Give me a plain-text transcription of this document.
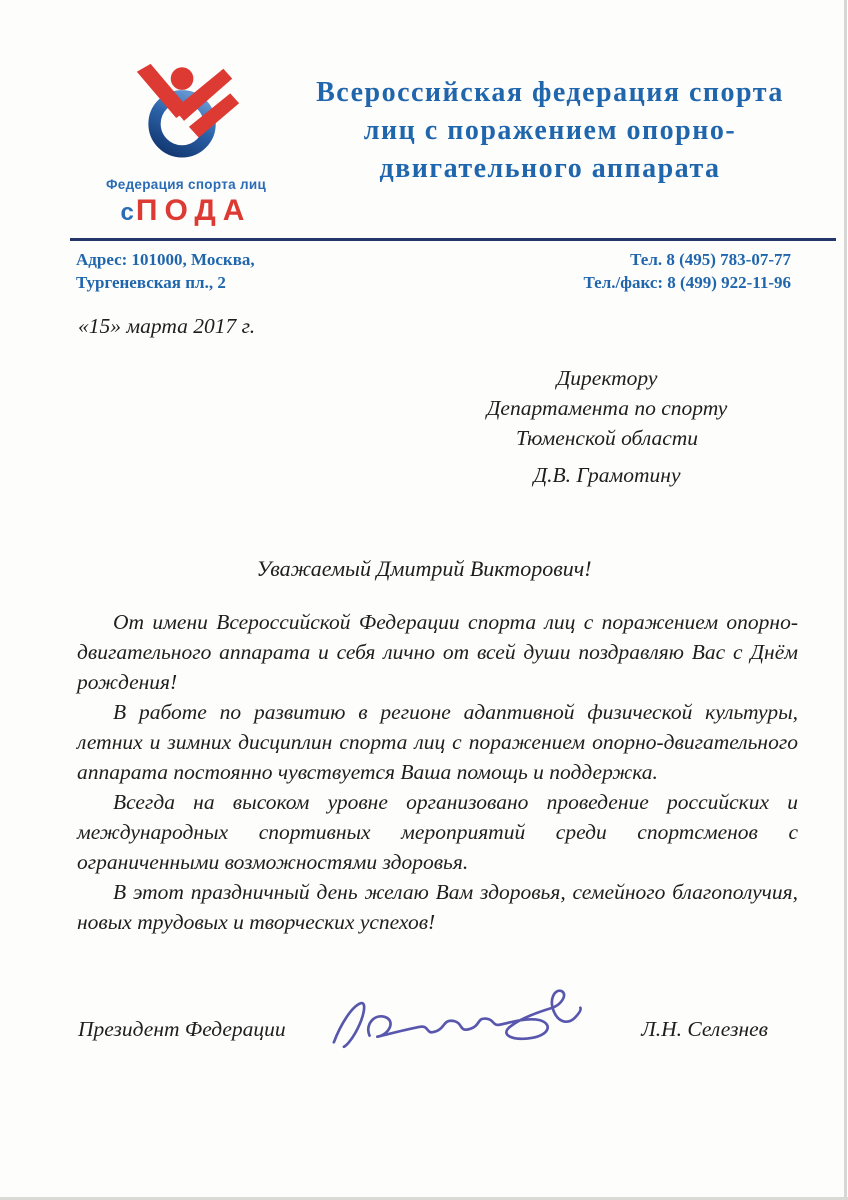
Федерация спорта лиц
сПОДА
Всероссийская федерация спорта
лиц с поражением опорно-
двигательного аппарата
Адрес: 101000, Москва,
Тургеневская пл., 2
Тел. 8 (495) 783-07-77
Тел./факс: 8 (499) 922-11-96
«15» марта 2017 г.
Директору
Департамента по спорту
Тюменской области
Д.В. Грамотину
Уважаемый Дмитрий Викторович!

От имени Всероссийской Федерации спорта лиц с поражением опорно-двигательного аппарата и себя лично от всей души поздравляю Вас с Днём рождения!

В работе по развитию в регионе адаптивной физической культуры, летних и зимних дисциплин спорта лиц с поражением опорно-двигательного аппарата постоянно чувствуется Ваша помощь и поддержка.

Всегда на высоком уровне организовано проведение российских и международных спортивных мероприятий среди спортсменов с ограниченными возможностями здоровья.

В этот праздничный день желаю Вам здоровья, семейного благополучия, новых трудовых и творческих успехов!

Президент Федерации	Л.Н. Селезнев
